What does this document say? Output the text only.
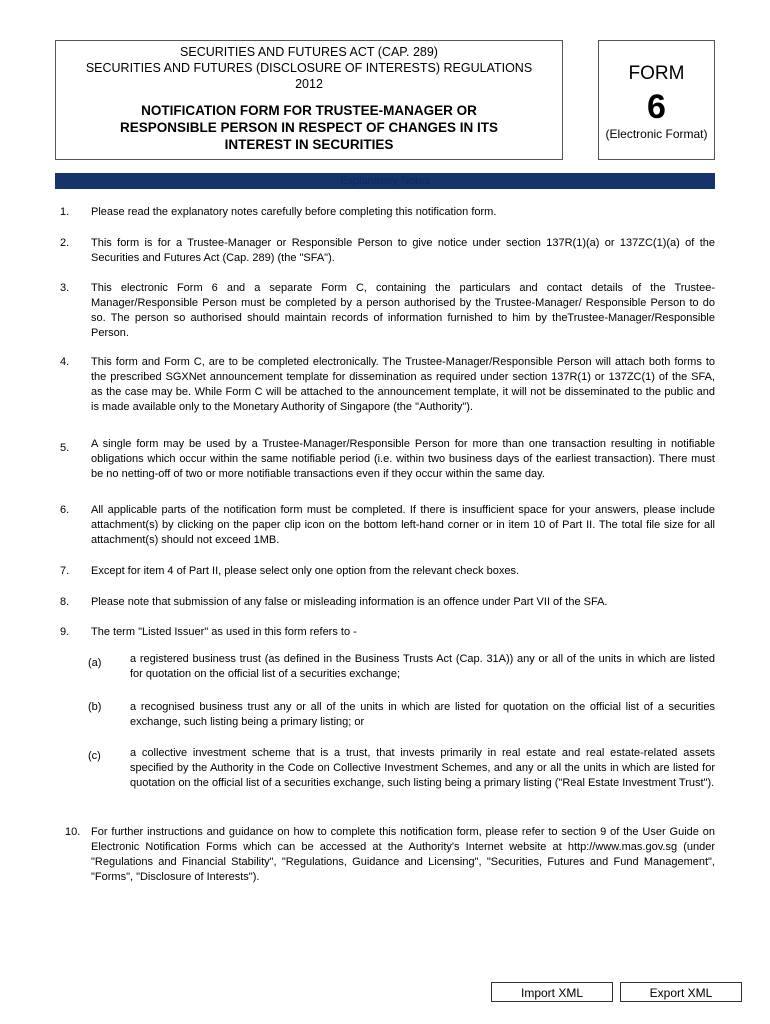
SECURITIES AND FUTURES ACT (CAP. 289)
SECURITIES AND FUTURES (DISCLOSURE OF INTERESTS) REGULATIONS
2012
NOTIFICATION FORM FOR TRUSTEE-MANAGER OR
RESPONSIBLE PERSON IN RESPECT OF CHANGES IN ITS
INTEREST IN SECURITIES
FORM
6
(Electronic Format)
Explanatory Notes
1.	Please read the explanatory notes carefully before completing this notification form.
2.	This form is for a Trustee-Manager or Responsible Person to give notice under section 137R(1)(a) or 137ZC(1)(a) of the Securities and Futures Act (Cap. 289) (the "SFA").
3.	This electronic Form 6 and a separate Form C, containing the particulars and contact details of the Trustee-Manager/Responsible Person must be completed by a person authorised by the Trustee-Manager/ Responsible Person to do so. The person so authorised should maintain records of information furnished to him by theTrustee-Manager/Responsible Person.
4.	This form and Form C, are to be completed electronically. The Trustee-Manager/Responsible Person will attach both forms to the prescribed SGXNet announcement template for dissemination as required under section 137R(1) or 137ZC(1) of the SFA, as the case may be. While Form C will be attached to the announcement template, it will not be disseminated to the public and is made available only to the Monetary Authority of Singapore (the "Authority").
5.	A single form may be used by a Trustee-Manager/Responsible Person for more than one transaction resulting in notifiable obligations which occur within the same notifiable period (i.e. within two business days of the earliest transaction). There must be no netting-off of two or more notifiable transactions even if they occur within the same day.
6.	All applicable parts of the notification form must be completed. If there is insufficient space for your answers, please include attachment(s) by clicking on the paper clip icon on the bottom left-hand corner or in item 10 of Part II. The total file size for all attachment(s) should not exceed 1MB.
7.	Except for item 4 of Part II, please select only one option from the relevant check boxes.
8.	Please note that submission of any false or misleading information is an offence under Part VII of the SFA.
9.	The term "Listed Issuer" as used in this form refers to -
(a)	a registered business trust (as defined in the Business Trusts Act (Cap. 31A)) any or all of the units in which are listed for quotation on the official list of a securities exchange;
(b)	a recognised business trust any or all of the units in which are listed for quotation on the official list of a securities exchange, such listing being a primary listing; or
(c)	a collective investment scheme that is a trust, that invests primarily in real estate and real estate-related assets specified by the Authority in the Code on Collective Investment Schemes, and any or all the units in which are listed for quotation on the official list of a securities exchange, such listing being a primary listing ("Real Estate Investment Trust").
10. For further instructions and guidance on how to complete this notification form, please refer to section 9 of the User Guide on Electronic Notification Forms which can be accessed at the Authority's Internet website at http://www.mas.gov.sg (under "Regulations and Financial Stability", "Regulations, Guidance and Licensing", "Securities, Futures and Fund Management", "Forms", "Disclosure of Interests").
Import XML	Export XML
